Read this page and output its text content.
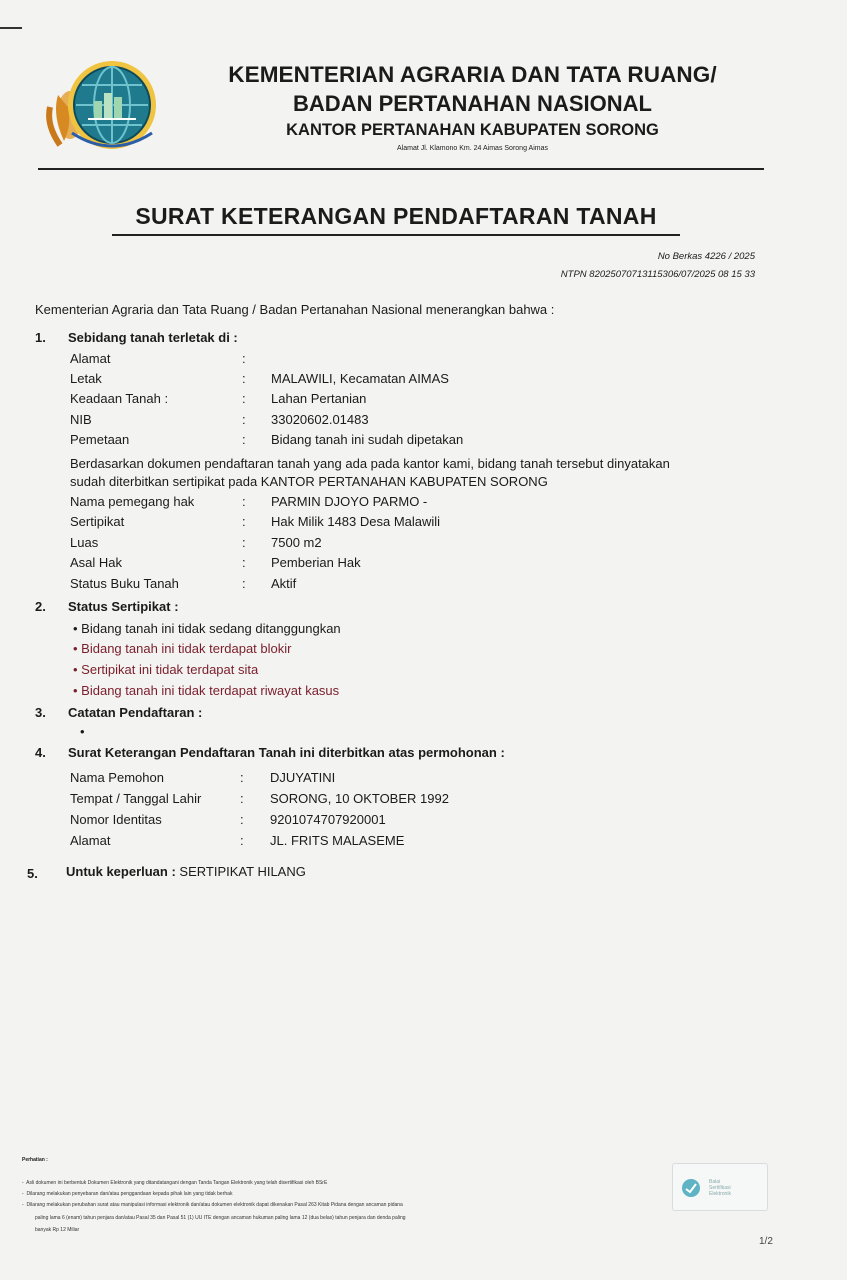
KEMENTERIAN AGRARIA DAN TATA RUANG/
BADAN PERTANAHAN NASIONAL
KANTOR PERTANAHAN KABUPATEN SORONG
Alamat Jl. Klamono Km. 24 Aimas Sorong Aimas
SURAT KETERANGAN PENDAFTARAN TANAH
No Berkas 4226 / 2025
NTPN 82025070713115306/07/2025 08 15 33
Kementerian Agraria dan Tata Ruang / Badan Pertanahan Nasional menerangkan bahwa :
1. Sebidang tanah terletak di :
Alamat	:
Letak	: MALAWILI, Kecamatan AIMAS
Keadaan Tanah :	: Lahan Pertanian
NIB	: 33020602.01483
Pemetaan	: Bidang tanah ini sudah dipetakan
Berdasarkan dokumen pendaftaran tanah yang ada pada kantor kami, bidang tanah tersebut dinyatakan
sudah diterbitkan sertipikat pada KANTOR PERTANAHAN KABUPATEN SORONG
Nama pemegang hak	: PARMIN DJOYO PARMO -
Sertipikat	: Hak Milik 1483 Desa Malawili
Luas	: 7500 m2
Asal Hak	: Pemberian Hak
Status Buku Tanah	: Aktif
2. Status Sertipikat :
• Bidang tanah ini tidak sedang ditanggungkan
• Bidang tanah ini tidak terdapat blokir
• Sertipikat ini tidak terdapat sita
• Bidang tanah ini tidak terdapat riwayat kasus
3. Catatan Pendaftaran :
•
4. Surat Keterangan Pendaftaran Tanah ini diterbitkan atas permohonan :
Nama Pemohon	: DJUYATINI
Tempat / Tanggal Lahir	: SORONG, 10 OKTOBER 1992
Nomor Identitas	: 9201074707920001
Alamat	: JL. FRITS MALASEME
5. Untuk keperluan : SERTIPIKAT HILANG
Perhatian :
-  Asli dokumen ini berbentuk Dokumen Elektronik yang ditandatangani dengan Tanda Tangan Elektronik yang telah disertifikasi oleh BSrE
-  Dilarang melakukan penyebaran dan/atau penggandaan kepada pihak lain yang tidak berhak
-  Dilarang melakukan perubahan surat atau manipulasi informasi elektronik dan/atau dokumen elektronik dapat dikenakan Pasal 263 Kitab Pidana dengan ancaman pidana
paling lama 6 (enam) tahun penjara dan/atau Pasal 35 dan Pasal 51 (1) UU ITE dengan ancaman hukuman paling lama 12 (dua belas) tahun penjara dan denda paling
banyak Rp 12 Miliar
Balai
Sertifikasi
Elektronik
1/2
